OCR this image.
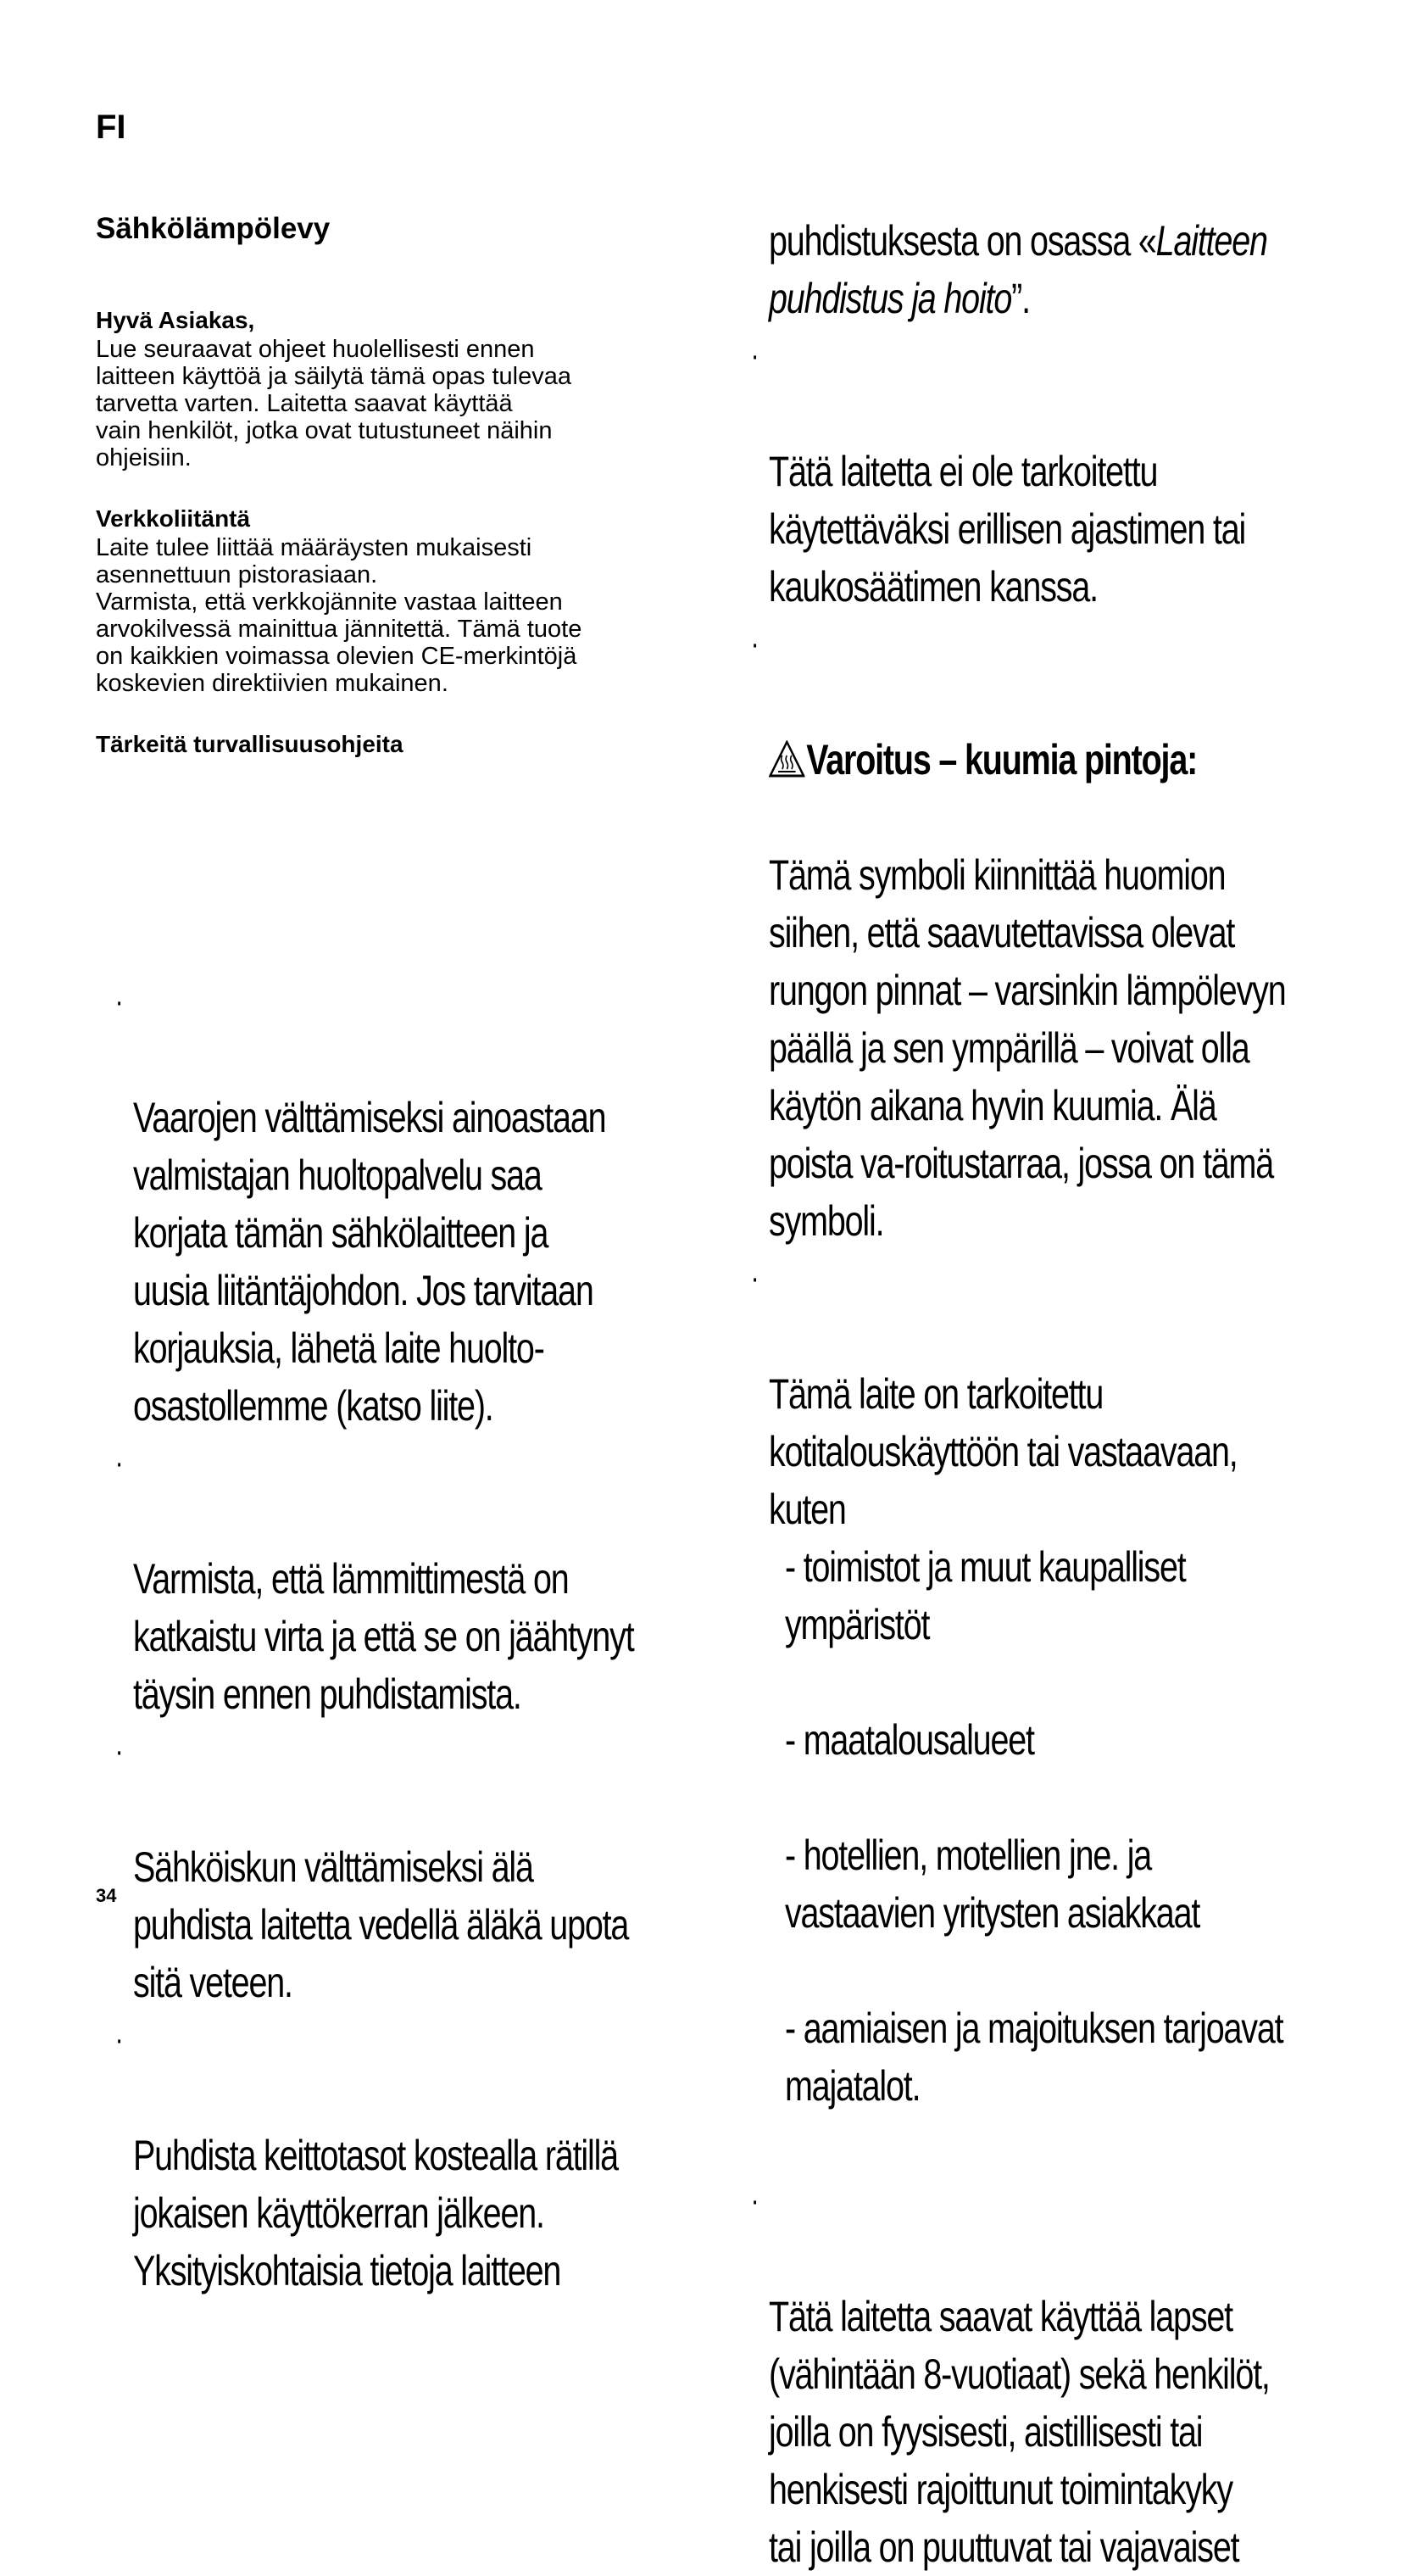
FI
Sähkölämpölevy

Hyvä Asiakas,

Lue seuraavat ohjeet huolellisesti ennen
laitteen käyttöä ja säilytä tämä opas tulevaa
tarvetta varten. Laitetta saavat käyttää
vain henkilöt, jotka ovat tutustuneet näihin
ohjeisiin.

Verkkoliitäntä

Laite tulee liittää määräysten mukaisesti
asennettuun pistorasiaan.
Varmista, että verkkojännite vastaa laitteen
arvokilvessä mainittua jännitettä. Tämä tuote
on kaikkien voimassa olevien CE-merkintöjä
koskevien direktiivien mukainen.

Tärkeitä turvallisuusohjeita

·

Vaarojen välttämiseksi ainoastaan
valmistajan huoltopalvelu saa
korjata tämän sähkölaitteen ja
uusia liitäntäjohdon. Jos tarvitaan
korjauksia, lähetä laite huolto-
osastollemme (katso liite).

·

Varmista, että lämmittimestä on
katkaistu virta ja että se on jäähtynyt
täysin ennen puhdistamista.

·

Sähköiskun välttämiseksi älä
puhdista laitetta vedellä äläkä upota
sitä veteen.

·

Puhdista keittotasot kostealla rätillä
jokaisen käyttökerran jälkeen.
Yksityiskohtaisia tietoja laitteen

puhdistuksesta on osassa «Laitteen
puhdistus ja hoito”.

·

Tätä laitetta ei ole tarkoitettu
käytettäväksi erillisen ajastimen tai
kaukosäätimen kanssa.

·

Varoitus – kuumia pintoja:

Tämä symboli kiinnittää huomion
siihen, että saavutettavissa olevat
rungon pinnat – varsinkin lämpölevyn
päällä ja sen ympärillä – voivat olla
käytön aikana hyvin kuumia. Älä
poista va-roitustarraa, jossa on tämä
symboli.

·

Tämä laite on tarkoitettu
kotitalouskäyttöön tai vastaavaan,
kuten

- toimistot ja muut kaupalliset
ympäristöt

- maatalousalueet

- hotellien, motellien jne. ja
vastaavien yritysten asiakkaat

- aamiaisen ja majoituksen tarjoavat
majatalot.

·

Tätä laitetta saavat käyttää lapset
(vähintään 8-vuotiaat) sekä henkilöt,
joilla on fyysisesti, aistillisesti tai
henkisesti rajoittunut toimintakyky
tai joilla on puuttuvat tai vajavaiset

34
